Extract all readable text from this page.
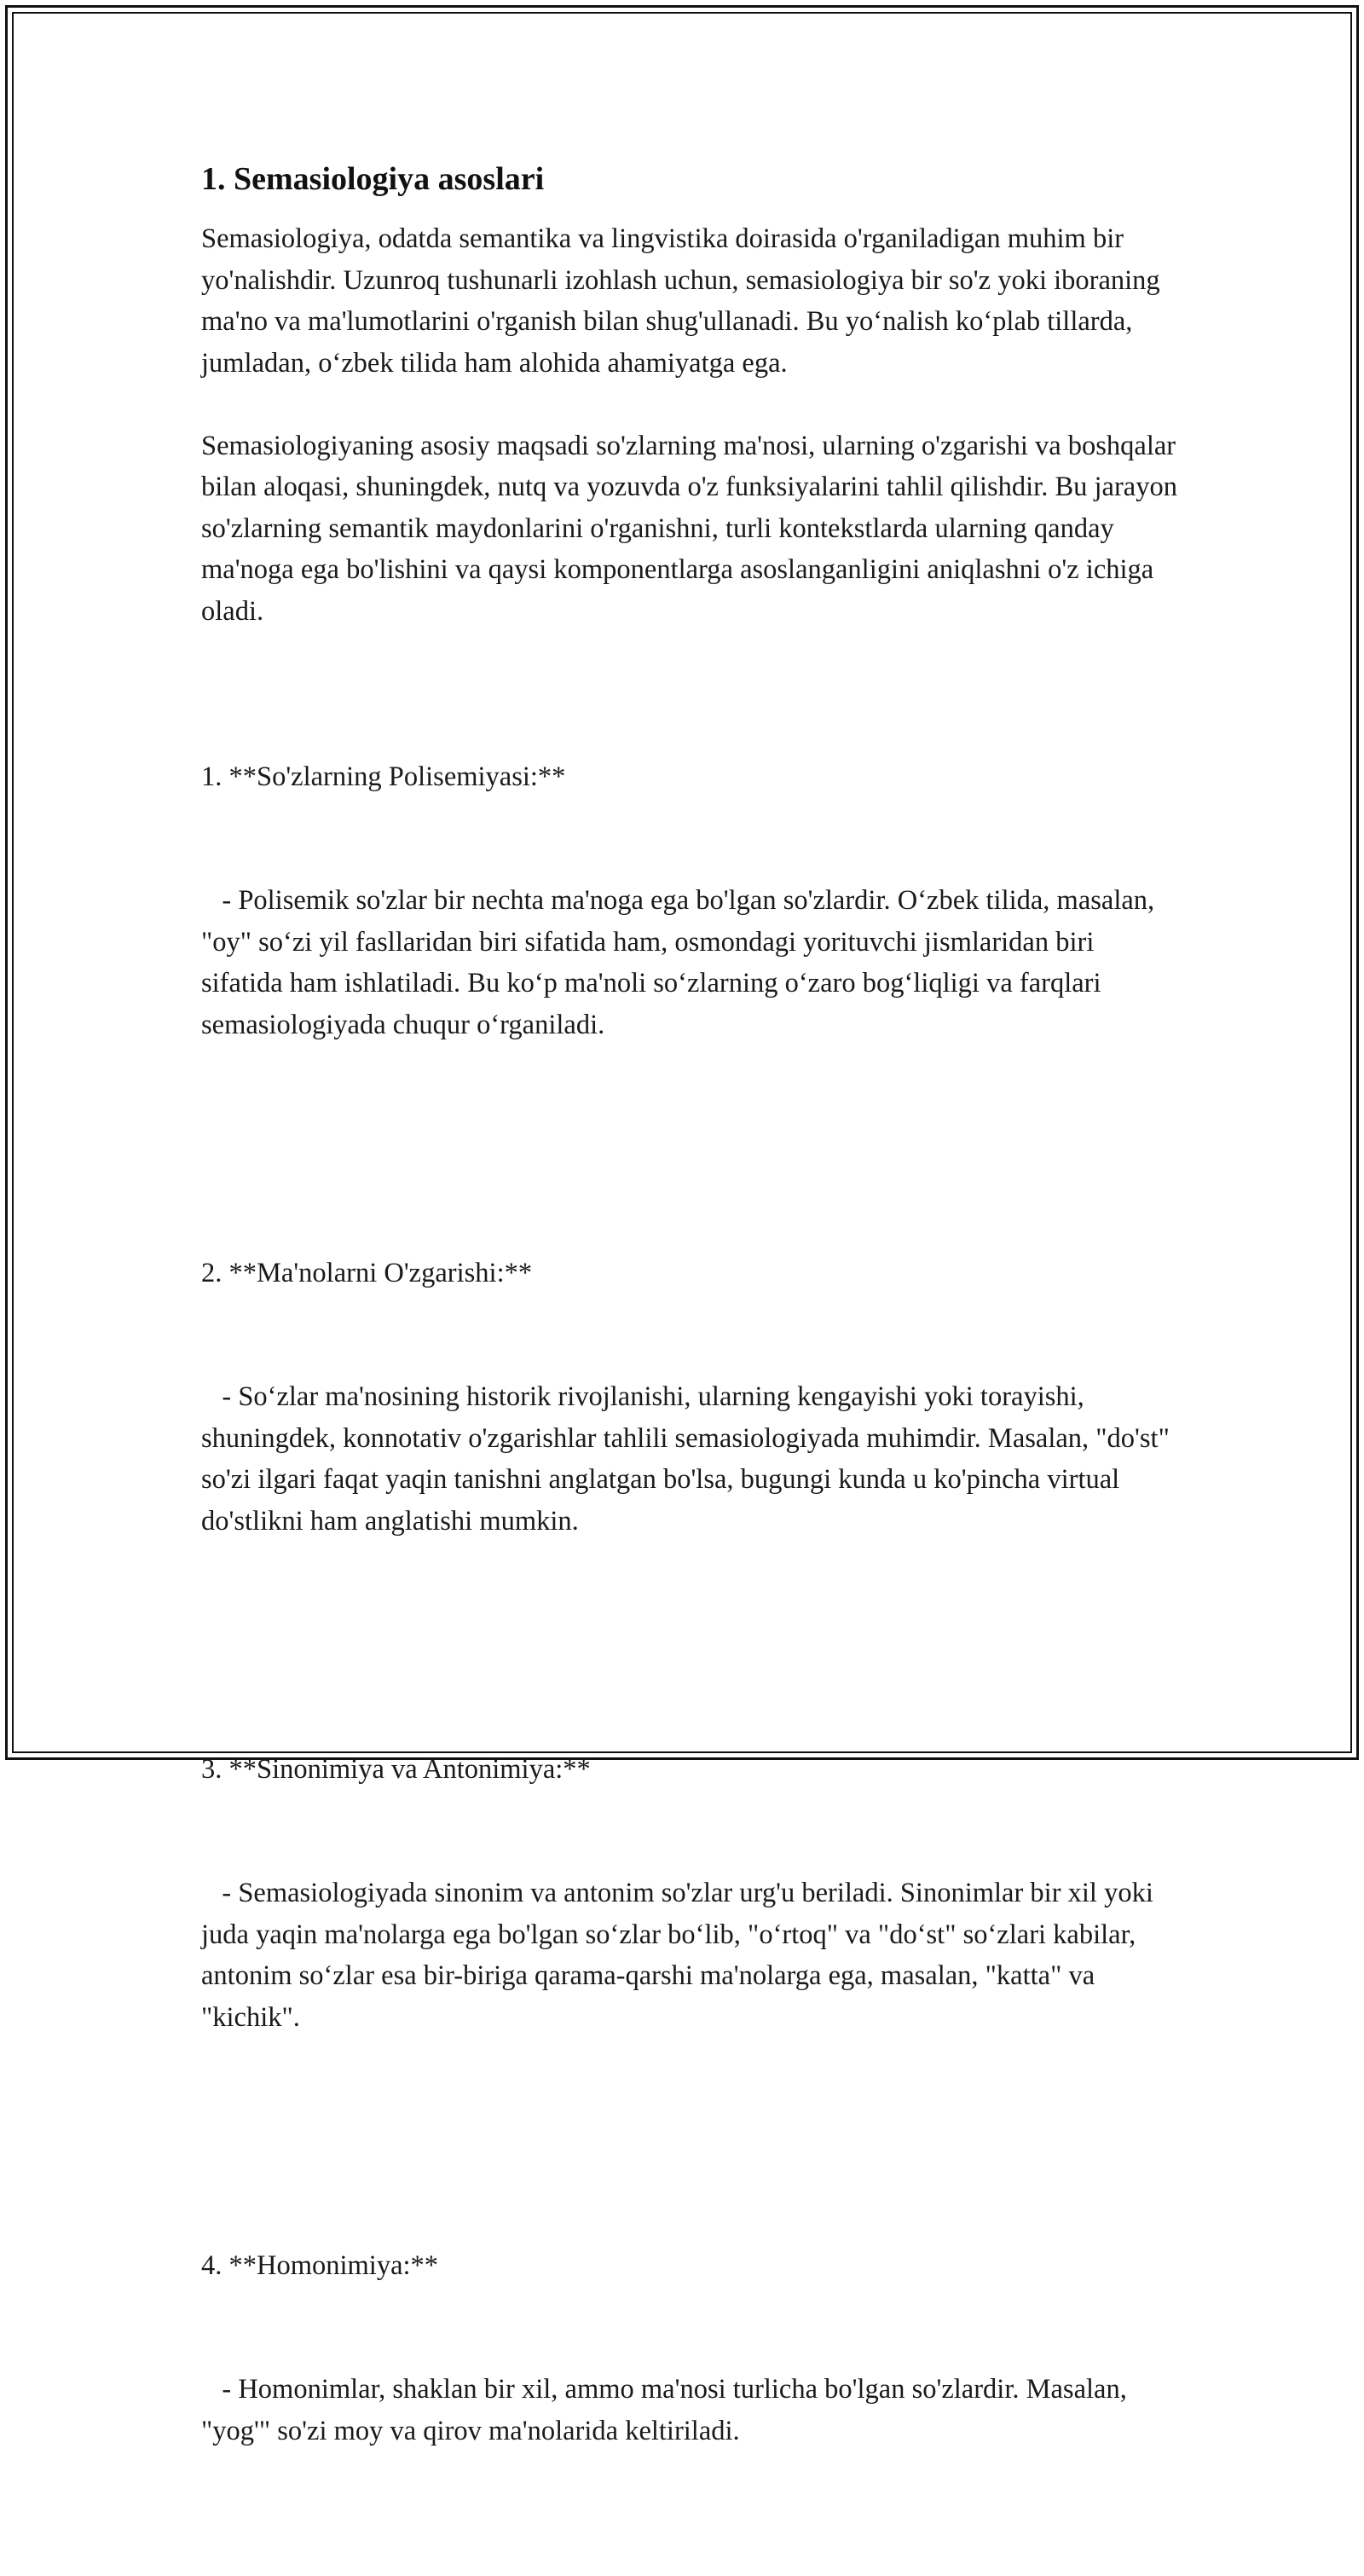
1. Semasiologiya asoslari

Semasiologiya, odatda semantika va lingvistika doirasida o'rganiladigan muhim bir yo'nalishdir. Uzunroq tushunarli izohlash uchun, semasiologiya bir so'z yoki iboraning ma'no va ma'lumotlarini o'rganish bilan shug'ullanadi. Bu yo‘nalish ko‘plab tillarda, jumladan, o‘zbek tilida ham alohida ahamiyatga ega.

Semasiologiyaning asosiy maqsadi so'zlarning ma'nosi, ularning o'zgarishi va boshqalar bilan aloqasi, shuningdek, nutq va yozuvda o'z funksiyalarini tahlil qilishdir. Bu jarayon so'zlarning semantik maydonlarini o'rganishni, turli kontekstlarda ularning qanday ma'noga ega bo'lishini va qaysi komponentlarga asoslanganligini aniqlashni o'z ichiga oladi.

1. **So'zlarning Polisemiyasi:**

- Polisemik so'zlar bir nechta ma'noga ega bo'lgan so'zlardir. O‘zbek tilida, masalan, "oy" so‘zi yil fasllaridan biri sifatida ham, osmondagi yorituvchi jismlaridan biri sifatida ham ishlatiladi. Bu ko‘p ma'noli so‘zlarning o‘zaro bog‘liqligi va farqlari semasiologiyada chuqur o‘rganiladi.

2. **Ma'nolarni O'zgarishi:**

- So‘zlar ma'nosining historik rivojlanishi, ularning kengayishi yoki torayishi, shuningdek, konnotativ o'zgarishlar tahlili semasiologiyada muhimdir. Masalan, "do'st" so'zi ilgari faqat yaqin tanishni anglatgan bo'lsa, bugungi kunda u ko'pincha virtual do'stlikni ham anglatishi mumkin.

3. **Sinonimiya va Antonimiya:**

- Semasiologiyada sinonim va antonim so'zlar urg'u beriladi. Sinonimlar bir xil yoki juda yaqin ma'nolarga ega bo'lgan so‘zlar bo‘lib, "o‘rtoq" va "do‘st" so‘zlari kabilar, antonim so‘zlar esa bir-biriga qarama-qarshi ma'nolarga ega, masalan, "katta" va "kichik".

4. **Homonimiya:**

- Homonimlar, shaklan bir xil, ammo ma'nosi turlicha bo'lgan so'zlardir. Masalan, "yog'" so'zi moy va qirov ma'nolarida keltiriladi.
